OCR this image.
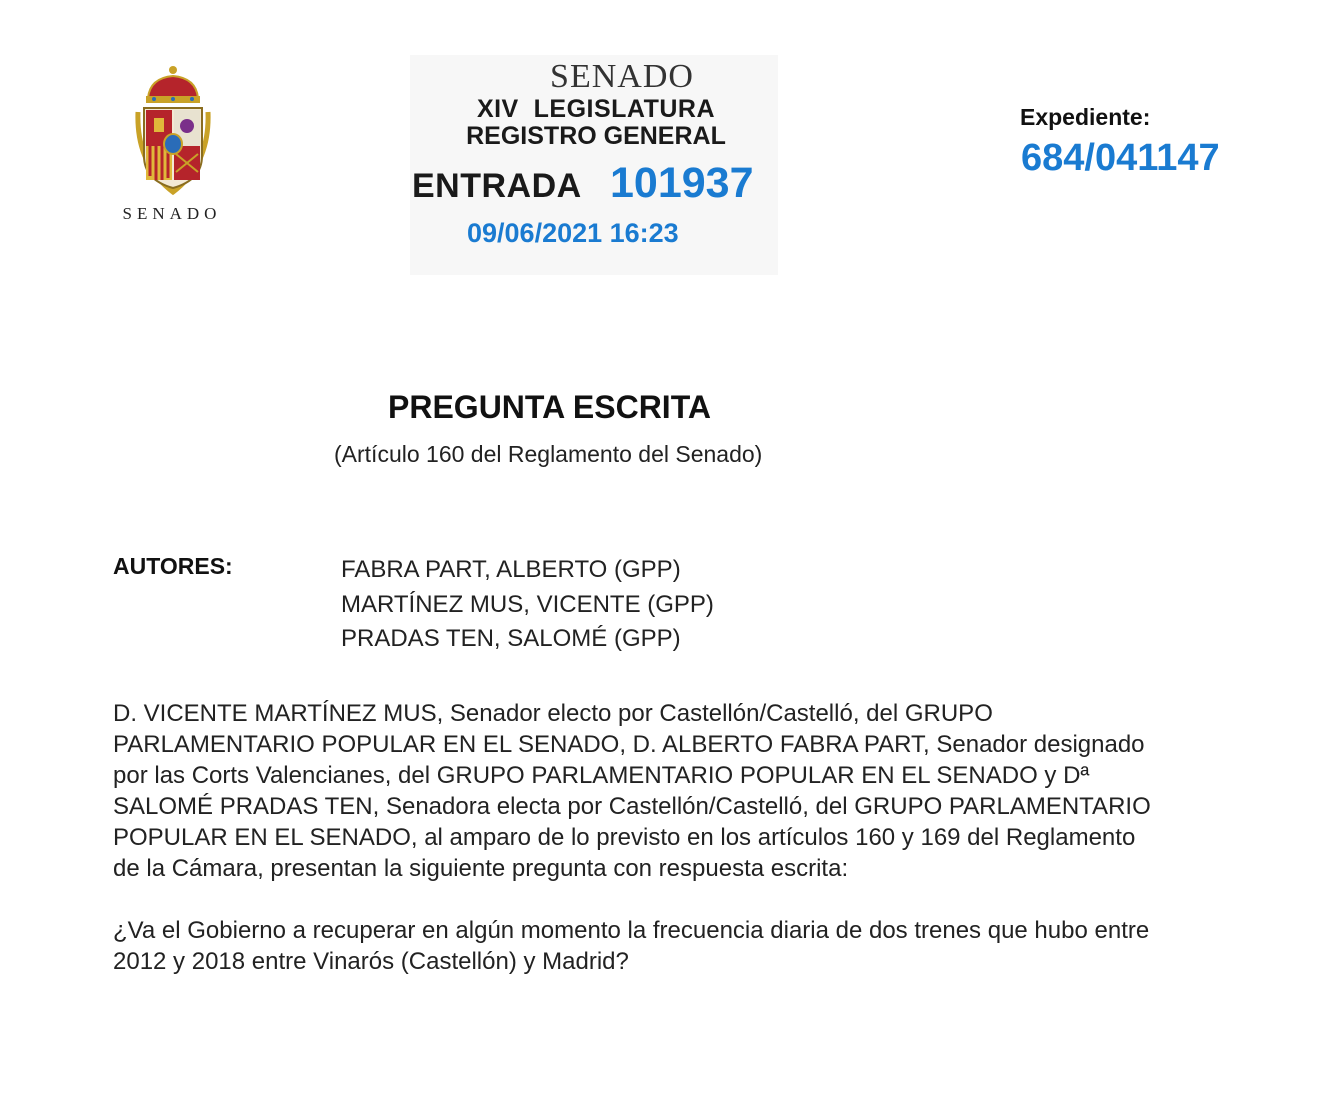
SENADO
SENADO
XIV  LEGISLATURA
REGISTRO GENERAL
ENTRADA 101937
09/06/2021 16:23
Expediente:
684/041147
PREGUNTA ESCRITA
(Artículo 160 del Reglamento del Senado)
AUTORES:	FABRA PART, ALBERTO (GPP)
MARTÍNEZ MUS, VICENTE (GPP)
PRADAS TEN, SALOMÉ (GPP)
D. VICENTE MARTÍNEZ MUS, Senador electo por Castellón/Castelló, del GRUPO
PARLAMENTARIO POPULAR EN EL SENADO, D. ALBERTO FABRA PART, Senador designado
por las Corts Valencianes, del GRUPO PARLAMENTARIO POPULAR EN EL SENADO y Dª
SALOMÉ PRADAS TEN, Senadora electa por Castellón/Castelló, del GRUPO PARLAMENTARIO
POPULAR EN EL SENADO, al amparo de lo previsto en los artículos 160 y 169 del Reglamento
de la Cámara, presentan la siguiente pregunta con respuesta escrita:
¿Va el Gobierno a recuperar en algún momento la frecuencia diaria de dos trenes que hubo entre
2012 y 2018 entre Vinarós (Castellón) y Madrid?
